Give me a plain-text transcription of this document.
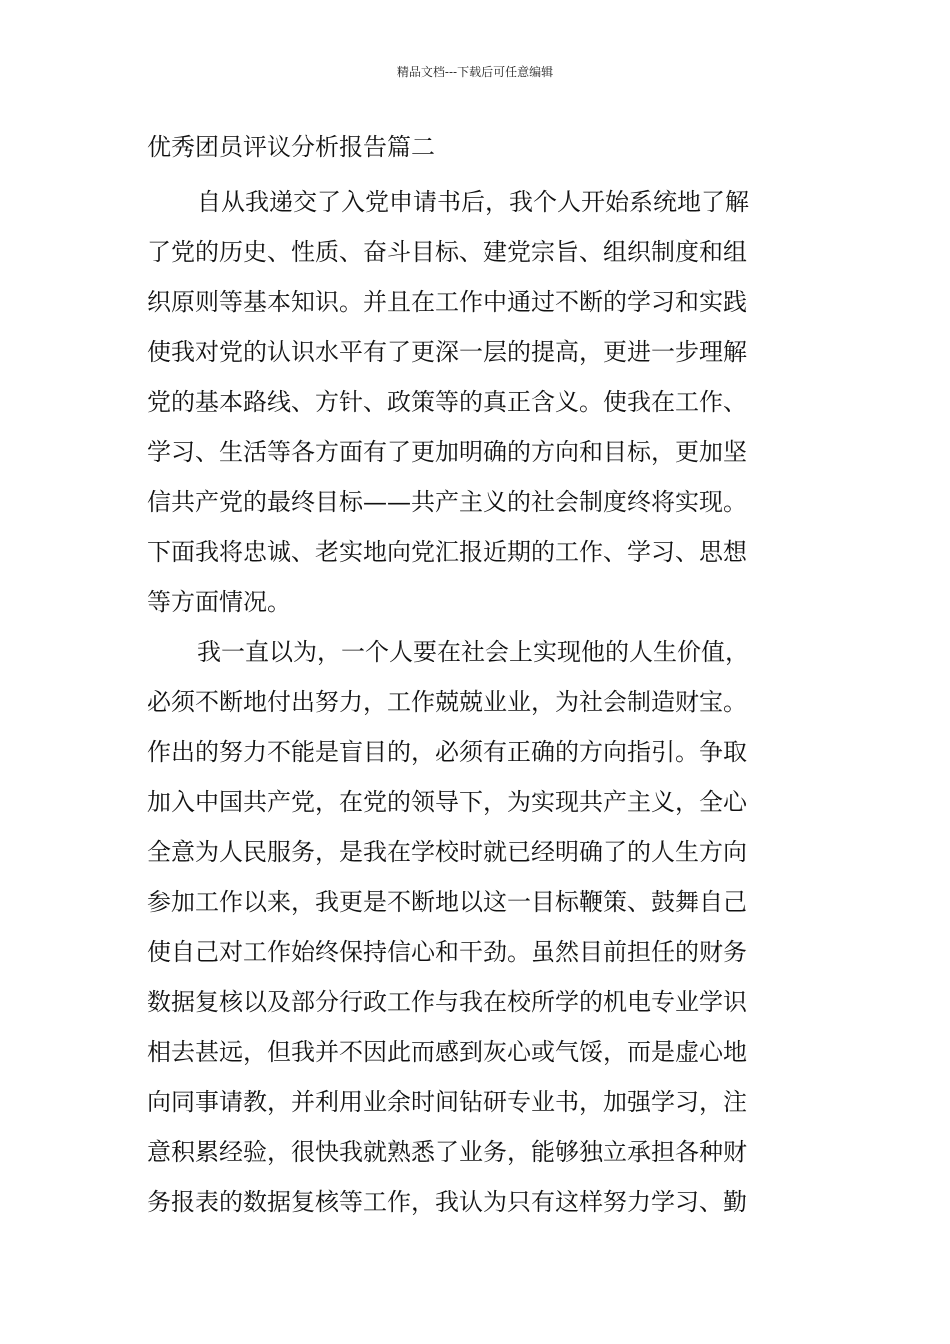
精品文档---下载后可任意编辑
优秀团员评议分析报告篇二
自从我递交了入党申请书后，我个人开始系统地了解
了党的历史、性质、奋斗目标、建党宗旨、组织制度和组
织原则等基本知识。并且在工作中通过不断的学习和实践
使我对党的认识水平有了更深一层的提高，更进一步理解
党的基本路线、方针、政策等的真正含义。使我在工作、
学习、生活等各方面有了更加明确的方向和目标，更加坚
信共产党的最终目标——共产主义的社会制度终将实现。
下面我将忠诚、老实地向党汇报近期的工作、学习、思想
等方面情况。
我一直以为，一个人要在社会上实现他的人生价值，
必须不断地付出努力，工作兢兢业业，为社会制造财宝。
作出的努力不能是盲目的，必须有正确的方向指引。争取
加入中国共产党，在党的领导下，为实现共产主义，全心
全意为人民服务，是我在学校时就已经明确了的人生方向
参加工作以来，我更是不断地以这一目标鞭策、鼓舞自己
使自己对工作始终保持信心和干劲。虽然目前担任的财务
数据复核以及部分行政工作与我在校所学的机电专业学识
相去甚远，但我并不因此而感到灰心或气馁，而是虚心地
向同事请教，并利用业余时间钻研专业书，加强学习，注
意积累经验，很快我就熟悉了业务，能够独立承担各种财
务报表的数据复核等工作，我认为只有这样努力学习、勤
